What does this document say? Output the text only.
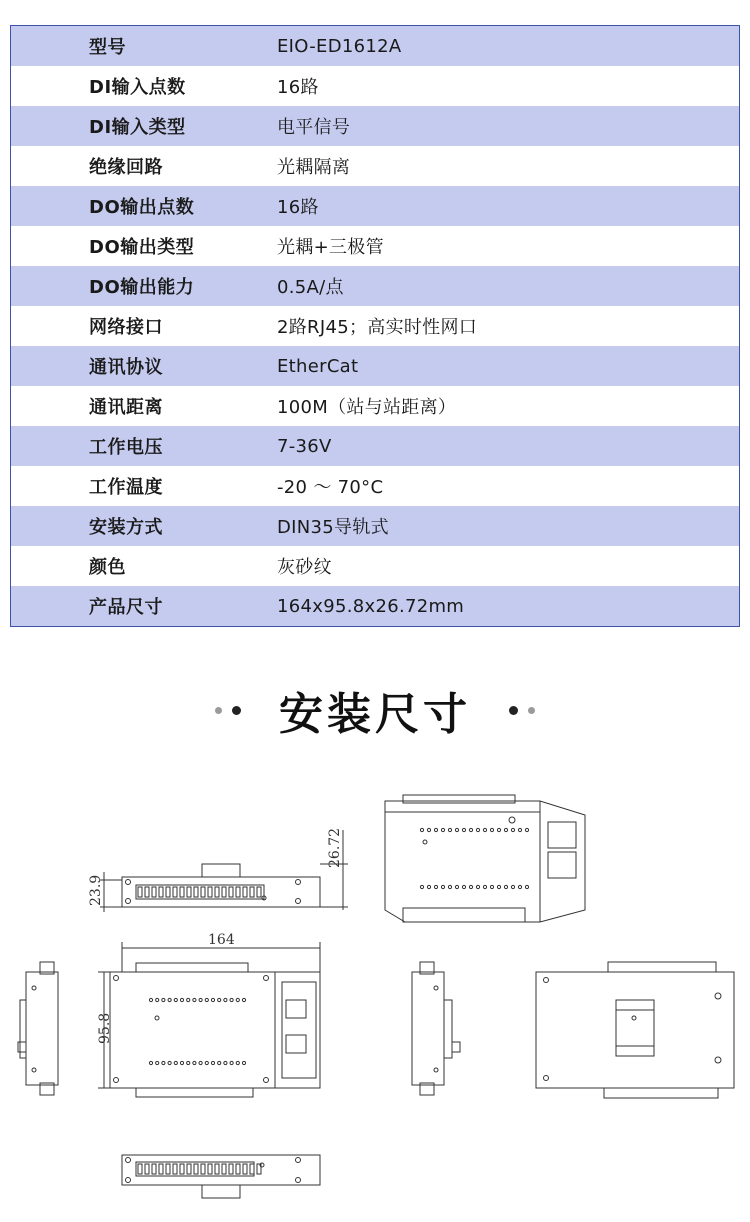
型号	EIO-ED1612A
DI输入点数	16路
DI输入类型	电平信号
绝缘回路	光耦隔离
DO输出点数	16路
DO输出类型	光耦+三极管
DO输出能力	0.5A/点
网络接口	2路RJ45；高实时性网口
通讯协议	EtherCat
通讯距离	100M（站与站距离）
工作电压	7-36V
工作温度	-20 ～ 70°C
安装方式	DIN35导轨式
颜色	灰砂纹
产品尺寸	164x95.8x26.72mm
安装尺寸
26.72
23.9
164
95.8
